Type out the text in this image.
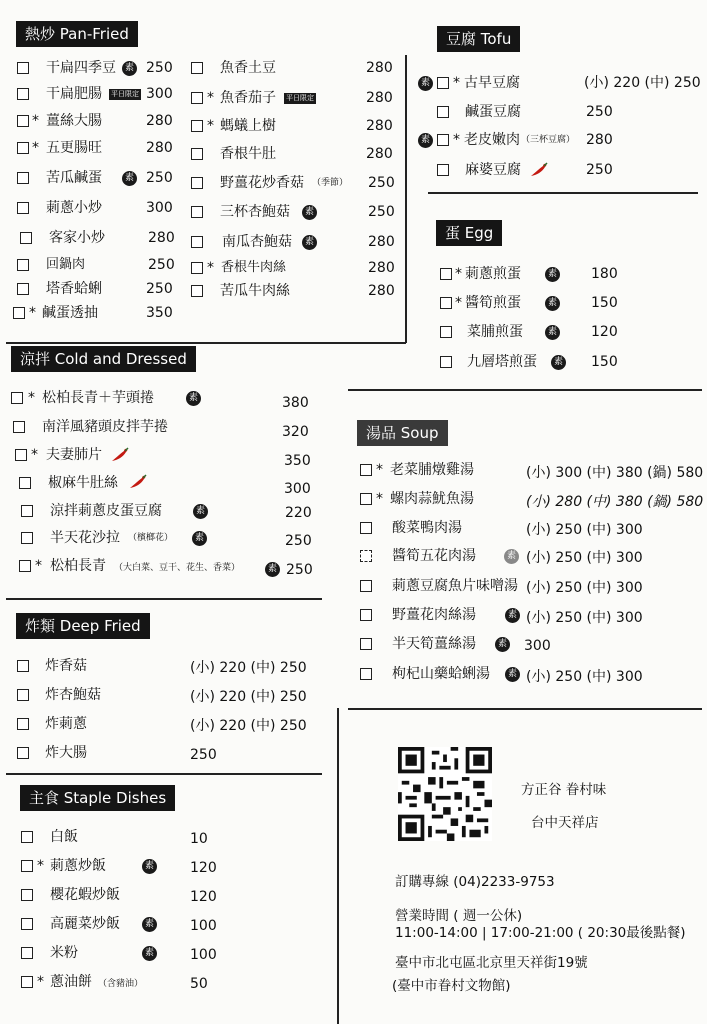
熱炒 Pan-Fried
干扁四季豆 素 250
干扁肥腸 平日限定 300
* 薑絲大腸	280
* 五更腸旺	280
苦瓜鹹蛋	素 250
莿蔥小炒	300
客家小炒	280
回鍋肉	250
塔香蛤蜊	250
* 鹹蛋透抽	350
魚香土豆	280
* 魚香茄子 平日限定	280
* 螞蟻上樹	280
香根牛肚	280
野薑花炒香菇 （季節） 250
三杯杏鮑菇	素	250
南瓜杏鮑菇	素	280
* 香根牛肉絲	280
苦瓜牛肉絲	280
豆腐 Tofu
素 * 古早豆腐	(小) 220 (中) 250
鹹蛋豆腐	250
素 * 老皮嫩肉 （三杯豆腐） 280
麻婆豆腐	250
蛋 Egg
* 莿蔥煎蛋	素 180
* 醬筍煎蛋	素 150
菜脯煎蛋	素 120
九層塔煎蛋	素 150
涼拌 Cold and Dressed
* 松柏長青＋芋頭捲	素	380
南洋風豬頭皮拌芋捲	320
* 夫妻肺片	350
椒麻牛肚絲	300
涼拌莿蔥皮蛋豆腐	素	220
半天花沙拉 （檳榔花）	素	250
* 松柏長青 （大白菜、豆干、花生、香菜）	素 250
湯品 Soup
* 老菜脯燉雞湯	(小) 300 (中) 380 (鍋) 580
* 螺肉蒜魷魚湯	(小) 280 (中) 380 (鍋) 580
酸菜鴨肉湯	(小) 250 (中) 300
醬筍五花肉湯	素 (小) 250 (中) 300
莿蔥豆腐魚片味噌湯 (小) 250 (中) 300
野薑花肉絲湯	素 (小) 250 (中) 300
半天筍薑絲湯	素 300
枸杞山藥蛤蜊湯	素 (小) 250 (中) 300
炸類 Deep Fried
炸香菇	(小) 220 (中) 250
炸杏鮑菇	(小) 220 (中) 250
炸莿蔥	(小) 220 (中) 250
炸大腸	250
主食 Staple Dishes
白飯	10
* 莿蔥炒飯	素	120
櫻花蝦炒飯	120
高麗菜炒飯	素	100
米粉	素	100
* 蔥油餅 （含豬油）	50
方正谷 眷村味
台中天祥店
訂購專線 (04)2233-9753
營業時間 ( 週一公休)
11:00-14:00 | 17:00-21:00 ( 20:30最後點餐)
臺中市北屯區北京里天祥街19號
(臺中市眷村文物館)
